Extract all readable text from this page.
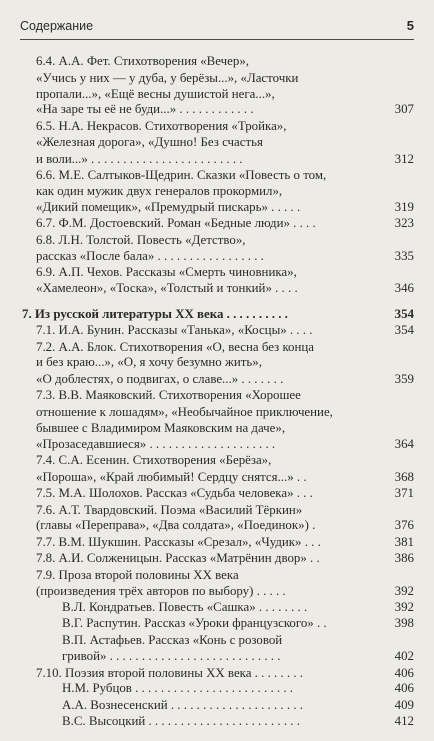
Содержание	5
6.4. А.А. Фет. Стихотворения «Вечер»,
«Учись у них — у дуба, у берёзы...», «Ласточки
пропали...», «Ещё весны душистой нега...»,
«На заре ты её не буди...» . . . . . . . . . . . .	307
6.5. Н.А. Некрасов. Стихотворения «Тройка»,
«Железная дорога», «Душно! Без счастья
и воли...» . . . . . . . . . . . . . . . . . . . . . . . .	312
6.6. М.Е. Салтыков-Щедрин. Сказки «Повесть о том,
как один мужик двух генералов прокормил»,
«Дикий помещик», «Премудрый пискарь» . . . . .	319
6.7. Ф.М. Достоевский. Роман «Бедные люди» . . . .	323
6.8. Л.Н. Толстой. Повесть «Детство»,
рассказ «После бала» . . . . . . . . . . . . . . . . .	335
6.9. А.П. Чехов. Рассказы «Смерть чиновника»,
«Хамелеон», «Тоска», «Толстый и тонкий» . . . .	346
7. Из русской литературы XX века . . . . . . . . . .	354
7.1. И.А. Бунин. Рассказы «Танька», «Косцы» . . . .	354
7.2. А.А. Блок. Стихотворения «О, весна без конца
и без краю...», «О, я хочу безумно жить»,
«О доблестях, о подвигах, о славе...» . . . . . . .	359
7.3. В.В. Маяковский. Стихотворения «Хорошее
отношение к лошадям», «Необычайное приключение,
бывшее с Владимиром Маяковским на даче»,
«Прозаседавшиеся» . . . . . . . . . . . . . . . . . . . .	364
7.4. С.А. Есенин. Стихотворения «Берёза»,
«Пороша», «Край любимый! Сердцу снятся...» . .	368
7.5. М.А. Шолохов. Рассказ «Судьба человека» . . .	371
7.6. А.Т. Твардовский. Поэма «Василий Тёркин»
(главы «Переправа», «Два солдата», «Поединок») .	376
7.7. В.М. Шукшин. Рассказы «Срезал», «Чудик» . . .	381
7.8. А.И. Солженицын. Рассказ «Матрёнин двор» . .	386
7.9. Проза второй половины XX века
(произведения трёх авторов по выбору) . . . . .	392
В.Л. Кондратьев. Повесть «Сашка» . . . . . . . .	392
В.Г. Распутин. Рассказ «Уроки французского» . .	398
В.П. Астафьев. Рассказ «Конь с розовой
гривой» . . . . . . . . . . . . . . . . . . . . . . . . . . .	402
7.10. Поэзия второй половины XX века . . . . . . . .	406
Н.М. Рубцов . . . . . . . . . . . . . . . . . . . . . . . . .	406
А.А. Вознесенский . . . . . . . . . . . . . . . . . . . . .	409
В.С. Высоцкий . . . . . . . . . . . . . . . . . . . . . . . .	412
